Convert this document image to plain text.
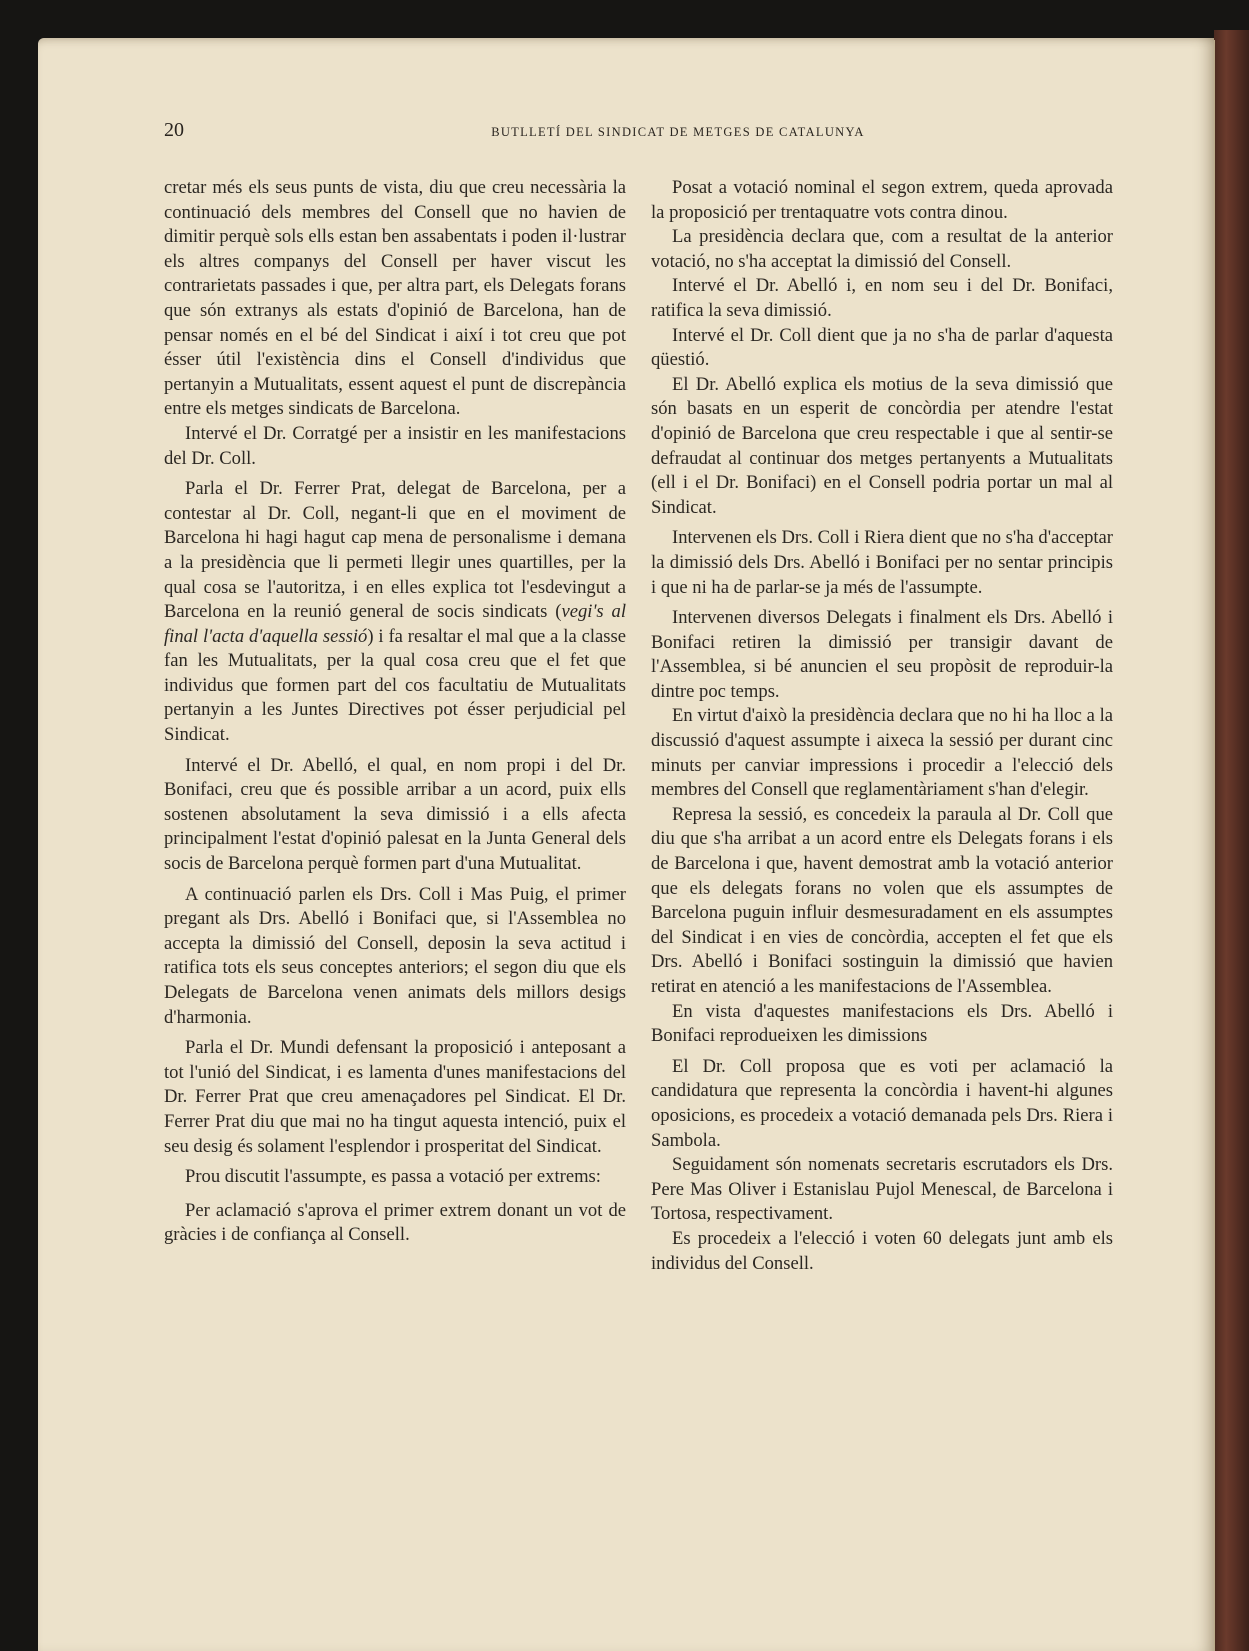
20	BUTLLETÍ DEL SINDICAT DE METGES DE CATALUNYA

cretar més els seus punts de vista, diu que creu necessària la continuació dels membres del Consell que no havien de dimitir perquè sols ells estan ben assabentats i poden il·lustrar els altres companys del Consell per haver viscut les contrarietats passades i que, per altra part, els Delegats forans que són extranys als estats d'opinió de Barcelona, han de pensar només en el bé del Sindicat i així i tot creu que pot ésser útil l'existència dins el Consell d'individus que pertanyin a Mutualitats, essent aquest el punt de discrepància entre els metges sindicats de Barcelona.

Intervé el Dr. Corratgé per a insistir en les manifestacions del Dr. Coll.

Parla el Dr. Ferrer Prat, delegat de Barcelona, per a contestar al Dr. Coll, negant-li que en el moviment de Barcelona hi hagi hagut cap mena de personalisme i demana a la presidència que li permeti llegir unes quartilles, per la qual cosa se l'autoritza, i en elles explica tot l'esdevingut a Barcelona en la reunió general de socis sindicats (vegi's al final l'acta d'aquella sessió) i fa resaltar el mal que a la classe fan les Mutualitats, per la qual cosa creu que el fet que individus que formen part del cos facultatiu de Mutualitats pertanyin a les Juntes Directives pot ésser perjudicial pel Sindicat.

Intervé el Dr. Abelló, el qual, en nom propi i del Dr. Bonifaci, creu que és possible arribar a un acord, puix ells sostenen absolutament la seva dimissió i a ells afecta principalment l'estat d'opinió palesat en la Junta General dels socis de Barcelona perquè formen part d'una Mutualitat.

A continuació parlen els Drs. Coll i Mas Puig, el primer pregant als Drs. Abelló i Bonifaci que, si l'Assemblea no accepta la dimissió del Consell, deposin la seva actitud i ratifica tots els seus conceptes anteriors; el segon diu que els Delegats de Barcelona venen animats dels millors desigs d'harmonia.

Parla el Dr. Mundi defensant la proposició i anteposant a tot l'unió del Sindicat, i es lamenta d'unes manifestacions del Dr. Ferrer Prat que creu amenaçadores pel Sindicat. El Dr. Ferrer Prat diu que mai no ha tingut aquesta intenció, puix el seu desig és solament l'esplendor i prosperitat del Sindicat.

Prou discutit l'assumpte, es passa a votació per extrems:

Per aclamació s'aprova el primer extrem donant un vot de gràcies i de confiança al Consell.

Posat a votació nominal el segon extrem, queda aprovada la proposició per trentaquatre vots contra dinou.

La presidència declara que, com a resultat de la anterior votació, no s'ha acceptat la dimissió del Consell.

Intervé el Dr. Abelló i, en nom seu i del Dr. Bonifaci, ratifica la seva dimissió.

Intervé el Dr. Coll dient que ja no s'ha de parlar d'aquesta qüestió.

El Dr. Abelló explica els motius de la seva dimissió que són basats en un esperit de concòrdia per atendre l'estat d'opinió de Barcelona que creu respectable i que al sentir-se defraudat al continuar dos metges pertanyents a Mutualitats (ell i el Dr. Bonifaci) en el Consell podria portar un mal al Sindicat.

Intervenen els Drs. Coll i Riera dient que no s'ha d'acceptar la dimissió dels Drs. Abelló i Bonifaci per no sentar principis i que ni ha de parlar-se ja més de l'assumpte.

Intervenen diversos Delegats i finalment els Drs. Abelló i Bonifaci retiren la dimissió per transigir davant de l'Assemblea, si bé anuncien el seu propòsit de reproduir-la dintre poc temps.

En virtut d'això la presidència declara que no hi ha lloc a la discussió d'aquest assumpte i aixeca la sessió per durant cinc minuts per canviar impressions i procedir a l'elecció dels membres del Consell que reglamentàriament s'han d'elegir.

Represa la sessió, es concedeix la paraula al Dr. Coll que diu que s'ha arribat a un acord entre els Delegats forans i els de Barcelona i que, havent demostrat amb la votació anterior que els delegats forans no volen que els assumptes de Barcelona puguin influir desmesuradament en els assumptes del Sindicat i en vies de concòrdia, accepten el fet que els Drs. Abelló i Bonifaci sostinguin la dimissió que havien retirat en atenció a les manifestacions de l'Assemblea.

En vista d'aquestes manifestacions els Drs. Abelló i Bonifaci reprodueixen les dimissions

El Dr. Coll proposa que es voti per aclamació la candidatura que representa la concòrdia i havent-hi algunes oposicions, es procedeix a votació demanada pels Drs. Riera i Sambola.

Seguidament són nomenats secretaris escrutadors els Drs. Pere Mas Oliver i Estanislau Pujol Menescal, de Barcelona i Tortosa, respectivament.

Es procedeix a l'elecció i voten 60 delegats junt amb els individus del Consell.
